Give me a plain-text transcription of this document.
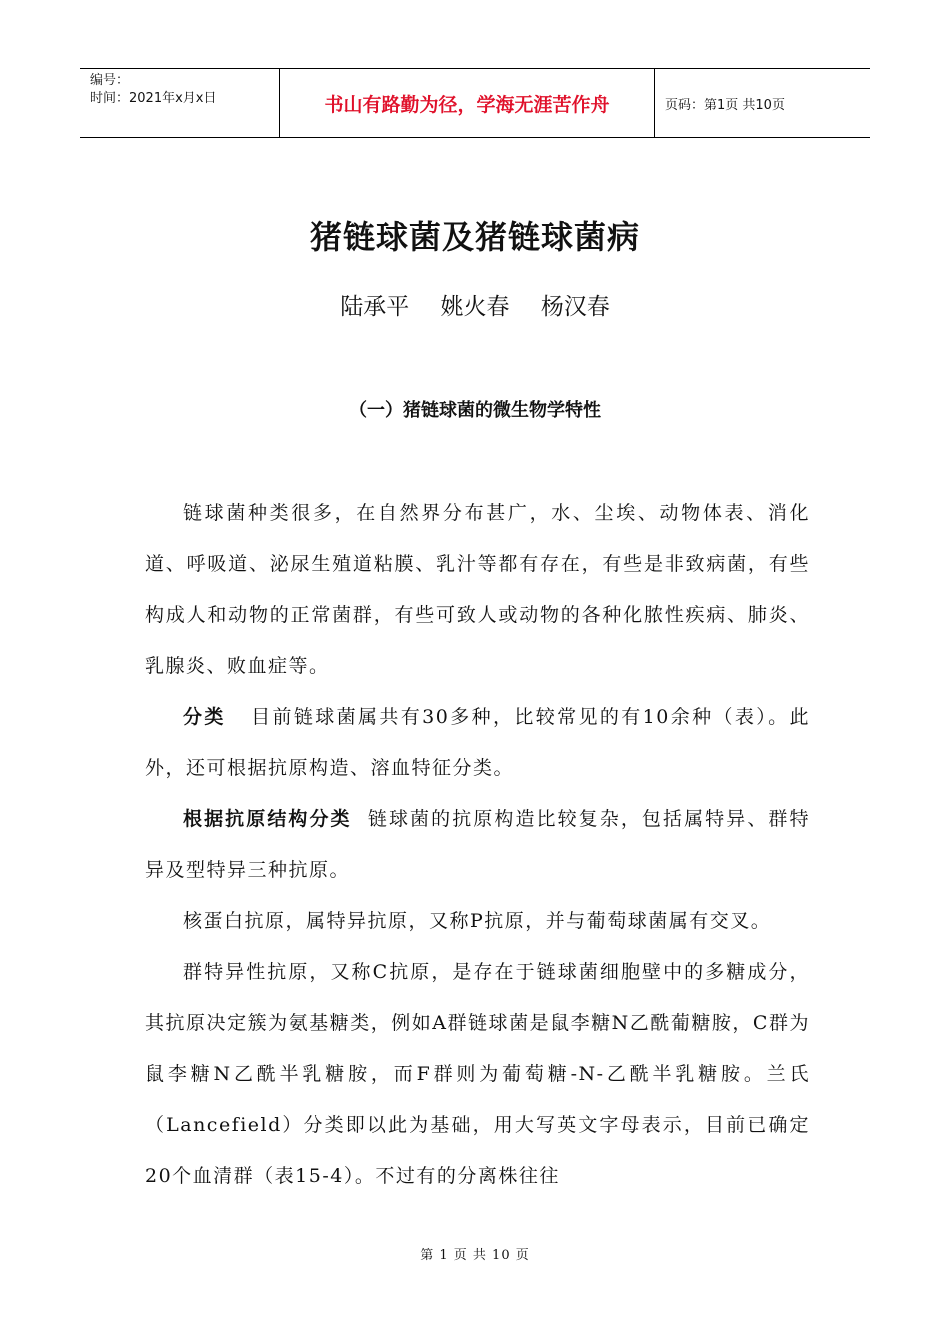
编号：
时间：2021年x月x日	书山有路勤为径，学海无涯苦作舟	页码：第1页 共10页
猪链球菌及猪链球菌病
陆承平 姚火春 杨汉春
（一）猪链球菌的微生物学特性

链球菌种类很多，在自然界分布甚广，水、尘埃、动物体表、消化道、呼吸道、泌尿生殖道粘膜、乳汁等都有存在，有些是非致病菌，有些构成人和动物的正常菌群，有些可致人或动物的各种化脓性疾病、肺炎、乳腺炎、败血症等。

分类 目前链球菌属共有30多种，比较常见的有10余种（表）。此外，还可根据抗原构造、溶血特征分类。

根据抗原结构分类 链球菌的抗原构造比较复杂，包括属特异、群特异及型特异三种抗原。

核蛋白抗原，属特异抗原，又称P抗原，并与葡萄球菌属有交叉。

群特异性抗原，又称C抗原，是存在于链球菌细胞壁中的多糖成分，其抗原决定簇为氨基糖类，例如A群链球菌是鼠李糖N乙酰葡糖胺，C群为鼠李糖N乙酰半乳糖胺，而F群则为葡萄糖-N-乙酰半乳糖胺。兰氏（Lancefield）分类即以此为基础，用大写英文字母表示，目前已确定20个血清群（表15-4）。不过有的分离株往往

第 1 页 共 10 页
